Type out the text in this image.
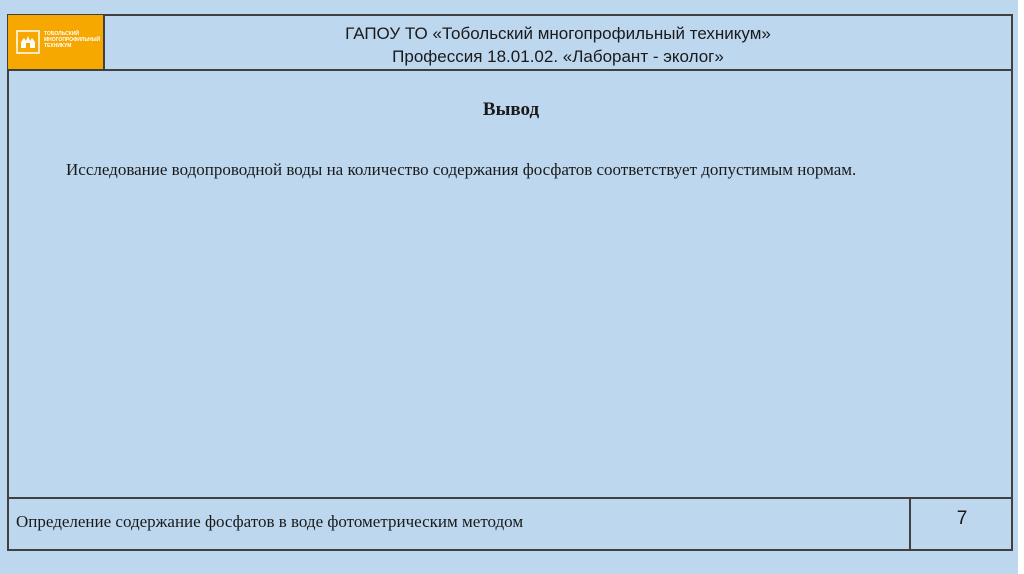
ТОБОЛЬСКИЙ МНОГОПРОФИЛЬНЫЙ ТЕХНИКУМ
ГАПОУ ТО «Тобольский многопрофильный техникум»
Профессия 18.01.02. «Лаборант - эколог»
Вывод
Исследование водопроводной воды на количество содержания фосфатов соответствует допустимым нормам.
Определение содержание фосфатов в воде фотометрическим методом	7
